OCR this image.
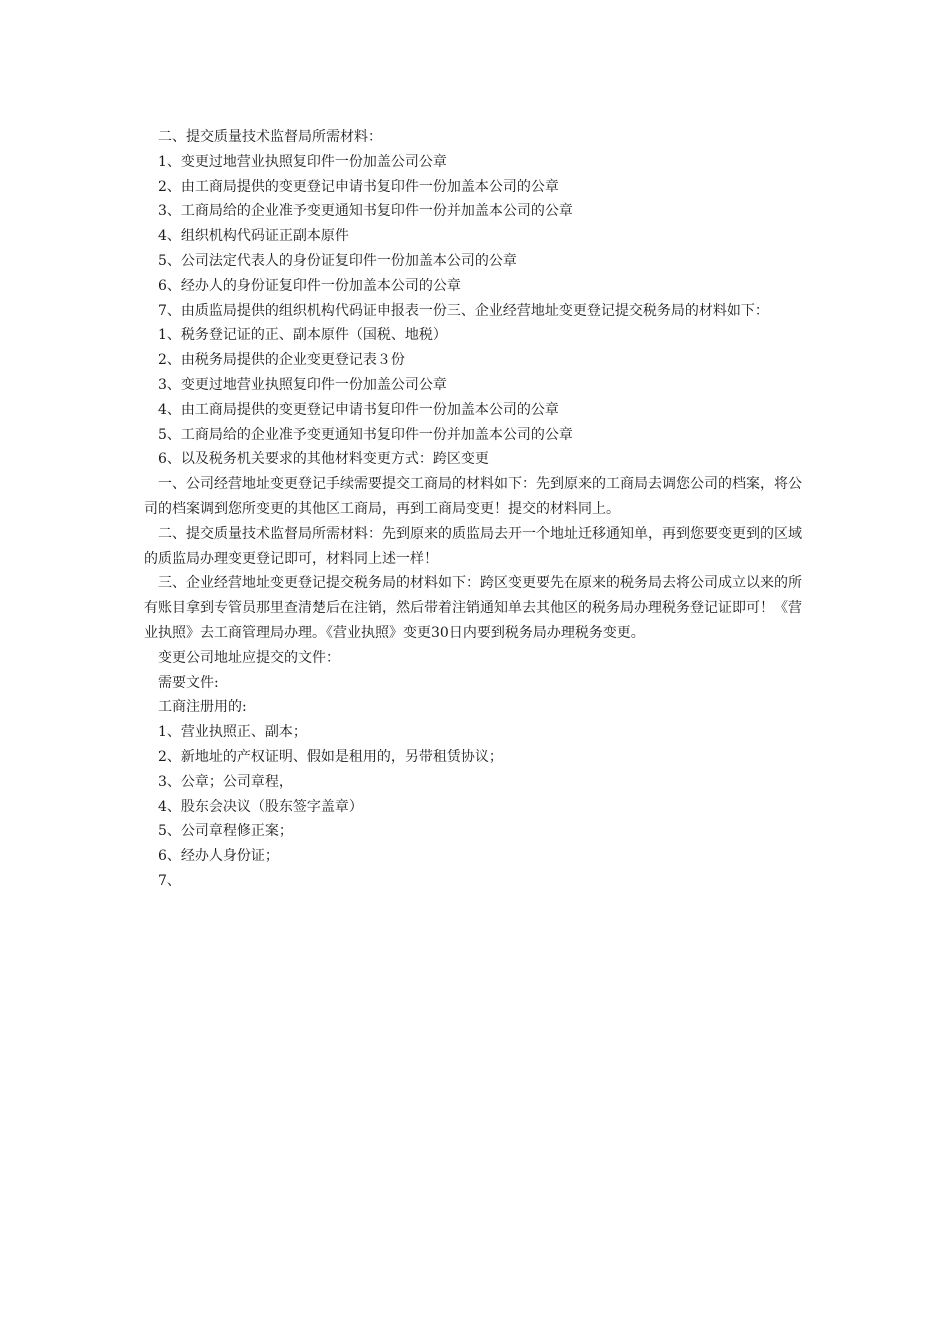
二、提交质量技术监督局所需材料：

1、变更过地营业执照复印件一份加盖公司公章

2、由工商局提供的变更登记申请书复印件一份加盖本公司的公章

3、工商局给的企业准予变更通知书复印件一份并加盖本公司的公章

4、组织机构代码证正副本原件

5、公司法定代表人的身份证复印件一份加盖本公司的公章

6、经办人的身份证复印件一份加盖本公司的公章

7、由质监局提供的组织机构代码证申报表一份三、企业经营地址变更登记提交税务局的材料如下：

1、税务登记证的正、副本原件（国税、地税）

2、由税务局提供的企业变更登记表３份

3、变更过地营业执照复印件一份加盖公司公章

4、由工商局提供的变更登记申请书复印件一份加盖本公司的公章

5、工商局给的企业准予变更通知书复印件一份并加盖本公司的公章

6、以及税务机关要求的其他材料变更方式：跨区变更

一、公司经营地址变更登记手续需要提交工商局的材料如下：先到原来的工商局去调您公司的档案，将公司的档案调到您所变更的其他区工商局，再到工商局变更！提交的材料同上。

二、提交质量技术监督局所需材料：先到原来的质监局去开一个地址迁移通知单，再到您要变更到的区域的质监局办理变更登记即可，材料同上述一样！

三、企业经营地址变更登记提交税务局的材料如下：跨区变更要先在原来的税务局去将公司成立以来的所有账目拿到专管员那里查清楚后在注销，然后带着注销通知单去其他区的税务局办理税务登记证即可！《营业执照》去工商管理局办理。《营业执照》变更30日内要到税务局办理税务变更。

变更公司地址应提交的文件：

需要文件:

工商注册用的:

1、营业执照正、副本；

2、新地址的产权证明、假如是租用的，另带租赁协议；

3、公章；公司章程，

4、股东会决议（股东签字盖章）

5、公司章程修正案；

6、经办人身份证；

7、
